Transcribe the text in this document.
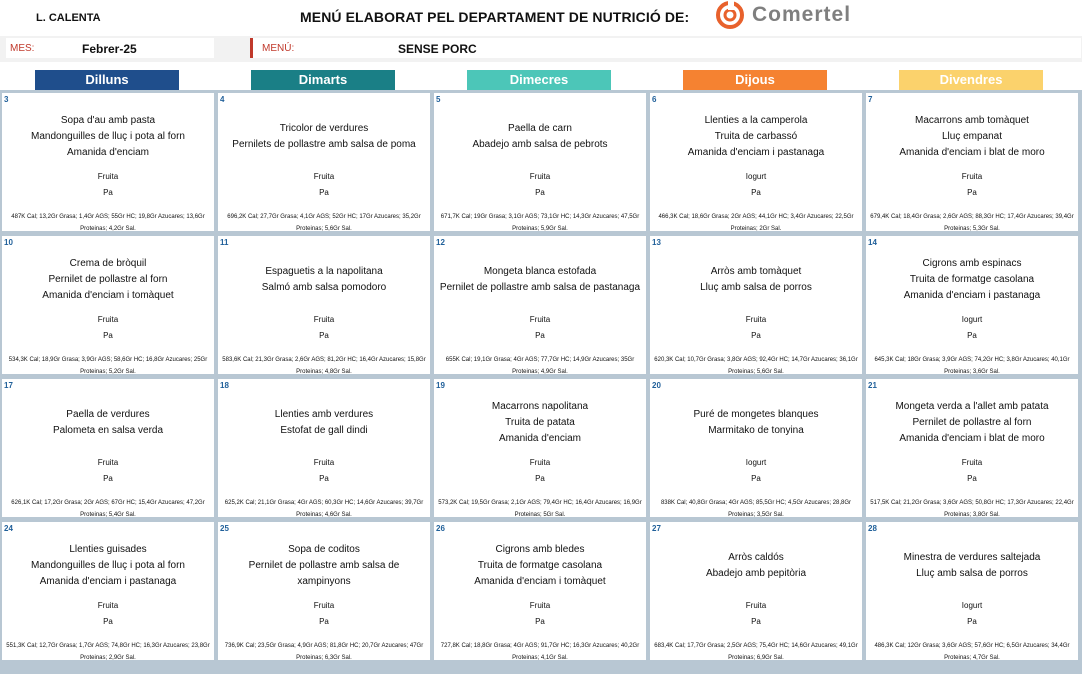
L. CALENTA	MENÚ ELABORAT PEL DEPARTAMENT DE NUTRICIÓ DE:	Comertel
MES:	Febrer-25	MENÚ:	SENSE PORC
Dilluns	Dimarts	Dimecres	Dijous	Divendres
3
Sopa d'au amb pasta
Mandonguilles de lluç i pota al forn
Amanida d'enciam
Fruita
Pa
487K Cal; 13,2Gr Grasa; 1,4Gr AGS; 55Gr HC; 19,8Gr Azucares; 13,6Gr Proteinas; 4,2Gr Sal.
4
Tricolor de verdures
Pernilets de pollastre amb salsa de poma
Fruita
Pa
696,2K Cal; 27,7Gr Grasa; 4,1Gr AGS; 52Gr HC; 17Gr Azucares; 35,2Gr Proteinas; 5,6Gr Sal.
5
Paella de carn
Abadejo amb salsa de pebrots
Fruita
Pa
671,7K Cal; 19Gr Grasa; 3,1Gr AGS; 73,1Gr HC; 14,3Gr Azucares; 47,5Gr Proteinas; 5,9Gr Sal.
6
Llenties a la camperola
Truita de carbassó
Amanida d'enciam i pastanaga
Iogurt
Pa
466,3K Cal; 18,6Gr Grasa; 2Gr AGS; 44,1Gr HC; 3,4Gr Azucares; 22,5Gr Proteinas; 2Gr Sal.
7
Macarrons amb tomàquet
Lluç empanat
Amanida d'enciam i blat de moro
Fruita
Pa
679,4K Cal; 18,4Gr Grasa; 2,6Gr AGS; 88,3Gr HC; 17,4Gr Azucares; 39,4Gr Proteinas; 5,3Gr Sal.
10
Crema de bròquil
Pernilet de pollastre al forn
Amanida d'enciam i tomàquet
Fruita
Pa
534,3K Cal; 18,9Gr Grasa; 3,9Gr AGS; 58,6Gr HC; 16,8Gr Azucares; 25Gr Proteinas; 5,2Gr Sal.
11
Espaguetis a la napolitana
Salmó amb salsa pomodoro
Fruita
Pa
583,6K Cal; 21,3Gr Grasa; 2,6Gr AGS; 81,2Gr HC; 16,4Gr Azucares; 15,8Gr Proteinas; 4,8Gr Sal.
12
Mongeta blanca estofada
Pernilet de pollastre amb salsa de pastanaga
Fruita
Pa
655K Cal; 19,1Gr Grasa; 4Gr AGS; 77,7Gr HC; 14,9Gr Azucares; 35Gr Proteinas; 4,9Gr Sal.
13
Arròs amb tomàquet
Lluç amb salsa de porros
Fruita
Pa
620,3K Cal; 10,7Gr Grasa; 3,8Gr AGS; 92,4Gr HC; 14,7Gr Azucares; 36,1Gr Proteinas; 5,6Gr Sal.
14
Cigrons amb espinacs
Truita de formatge casolana
Amanida d'enciam i pastanaga
Iogurt
Pa
645,3K Cal; 18Gr Grasa; 3,9Gr AGS; 74,2Gr HC; 3,8Gr Azucares; 40,1Gr Proteinas; 3,6Gr Sal.
17
Paella de verdures
Palometa en salsa verda
Fruita
Pa
626,1K Cal; 17,2Gr Grasa; 2Gr AGS; 67Gr HC; 15,4Gr Azucares; 47,2Gr Proteinas; 5,4Gr Sal.
18
Llenties amb verdures
Estofat de gall dindi
Fruita
Pa
625,2K Cal; 21,1Gr Grasa; 4Gr AGS; 60,3Gr HC; 14,6Gr Azucares; 39,7Gr Proteinas; 4,6Gr Sal.
19
Macarrons napolitana
Truita de patata
Amanida d'enciam
Fruita
Pa
573,2K Cal; 19,5Gr Grasa; 2,1Gr AGS; 79,4Gr HC; 16,4Gr Azucares; 16,9Gr Proteinas; 5Gr Sal.
20
Puré de mongetes blanques
Marmitako de tonyina
Iogurt
Pa
838K Cal; 40,8Gr Grasa; 4Gr AGS; 85,5Gr HC; 4,5Gr Azucares; 28,8Gr Proteinas; 3,5Gr Sal.
21
Mongeta verda a l'allet amb patata
Pernilet de pollastre al forn
Amanida d'enciam i blat de moro
Fruita
Pa
517,5K Cal; 21,2Gr Grasa; 3,6Gr AGS; 50,8Gr HC; 17,3Gr Azucares; 22,4Gr Proteinas; 3,8Gr Sal.
24
Llenties guisades
Mandonguilles de lluç i pota al forn
Amanida d'enciam i pastanaga
Fruita
Pa
551,3K Cal; 12,7Gr Grasa; 1,7Gr AGS; 74,8Gr HC; 16,3Gr Azucares; 23,8Gr Proteinas; 2,9Gr Sal.
25
Sopa de coditos
Pernilet de pollastre amb salsa de
xampinyons
Fruita
Pa
736,9K Cal; 23,5Gr Grasa; 4,9Gr AGS; 81,8Gr HC; 20,7Gr Azucares; 47Gr Proteinas; 6,3Gr Sal.
26
Cigrons amb bledes
Truita de formatge casolana
Amanida d'enciam i tomàquet
Fruita
Pa
727,8K Cal; 18,8Gr Grasa; 4Gr AGS; 91,7Gr HC; 16,3Gr Azucares; 40,2Gr Proteinas; 4,1Gr Sal.
27
Arròs caldós
Abadejo amb pepitòria
Fruita
Pa
683,4K Cal; 17,7Gr Grasa; 2,5Gr AGS; 75,4Gr HC; 14,6Gr Azucares; 49,1Gr Proteinas; 6,9Gr Sal.
28
Minestra de verdures saltejada
Lluç amb salsa de porros
Iogurt
Pa
486,3K Cal; 12Gr Grasa; 3,6Gr AGS; 57,6Gr HC; 6,5Gr Azucares; 34,4Gr Proteinas; 4,7Gr Sal.
